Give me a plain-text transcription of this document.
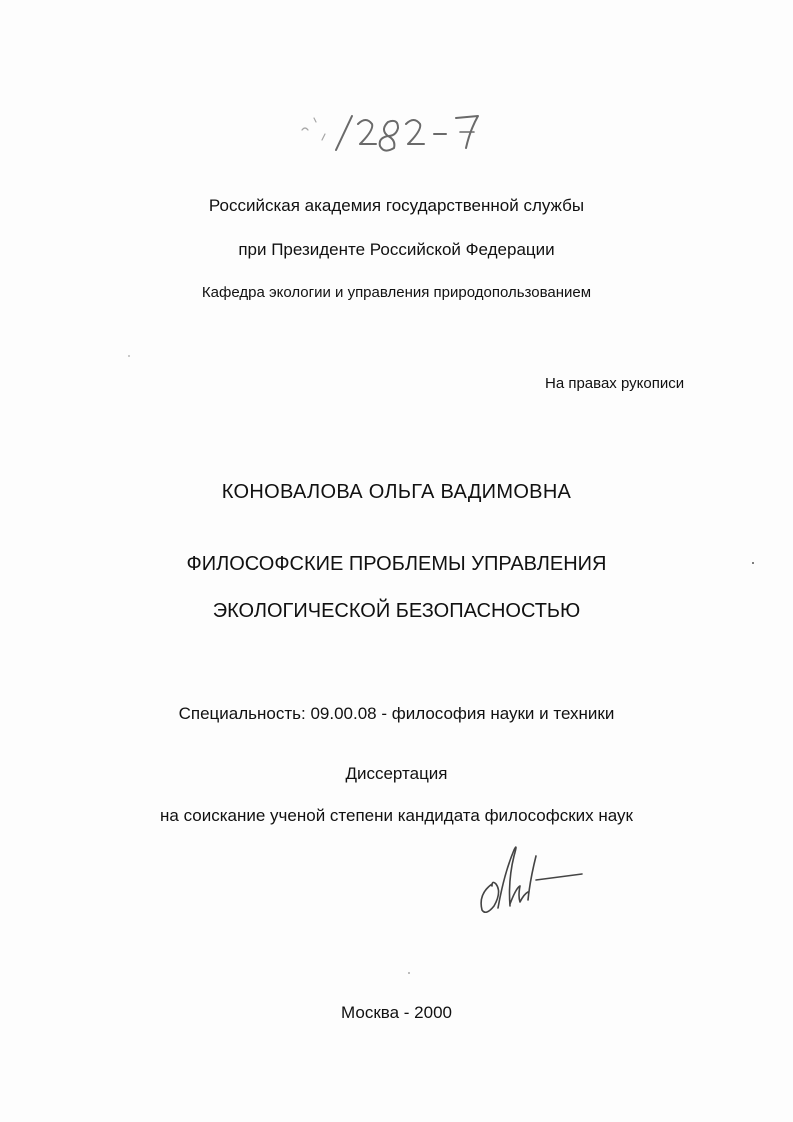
Российская академия государственной службы
при Президенте Российской Федерации
Кафедра экологии и управления природопользованием
На правах рукописи
КОНОВАЛОВА ОЛЬГА ВАДИМОВНА
ФИЛОСОФСКИЕ ПРОБЛЕМЫ УПРАВЛЕНИЯ
ЭКОЛОГИЧЕСКОЙ БЕЗОПАСНОСТЬЮ
Специальность: 09.00.08 - философия науки и техники
Диссертация
на соискание ученой степени кандидата философских наук
Москва - 2000
